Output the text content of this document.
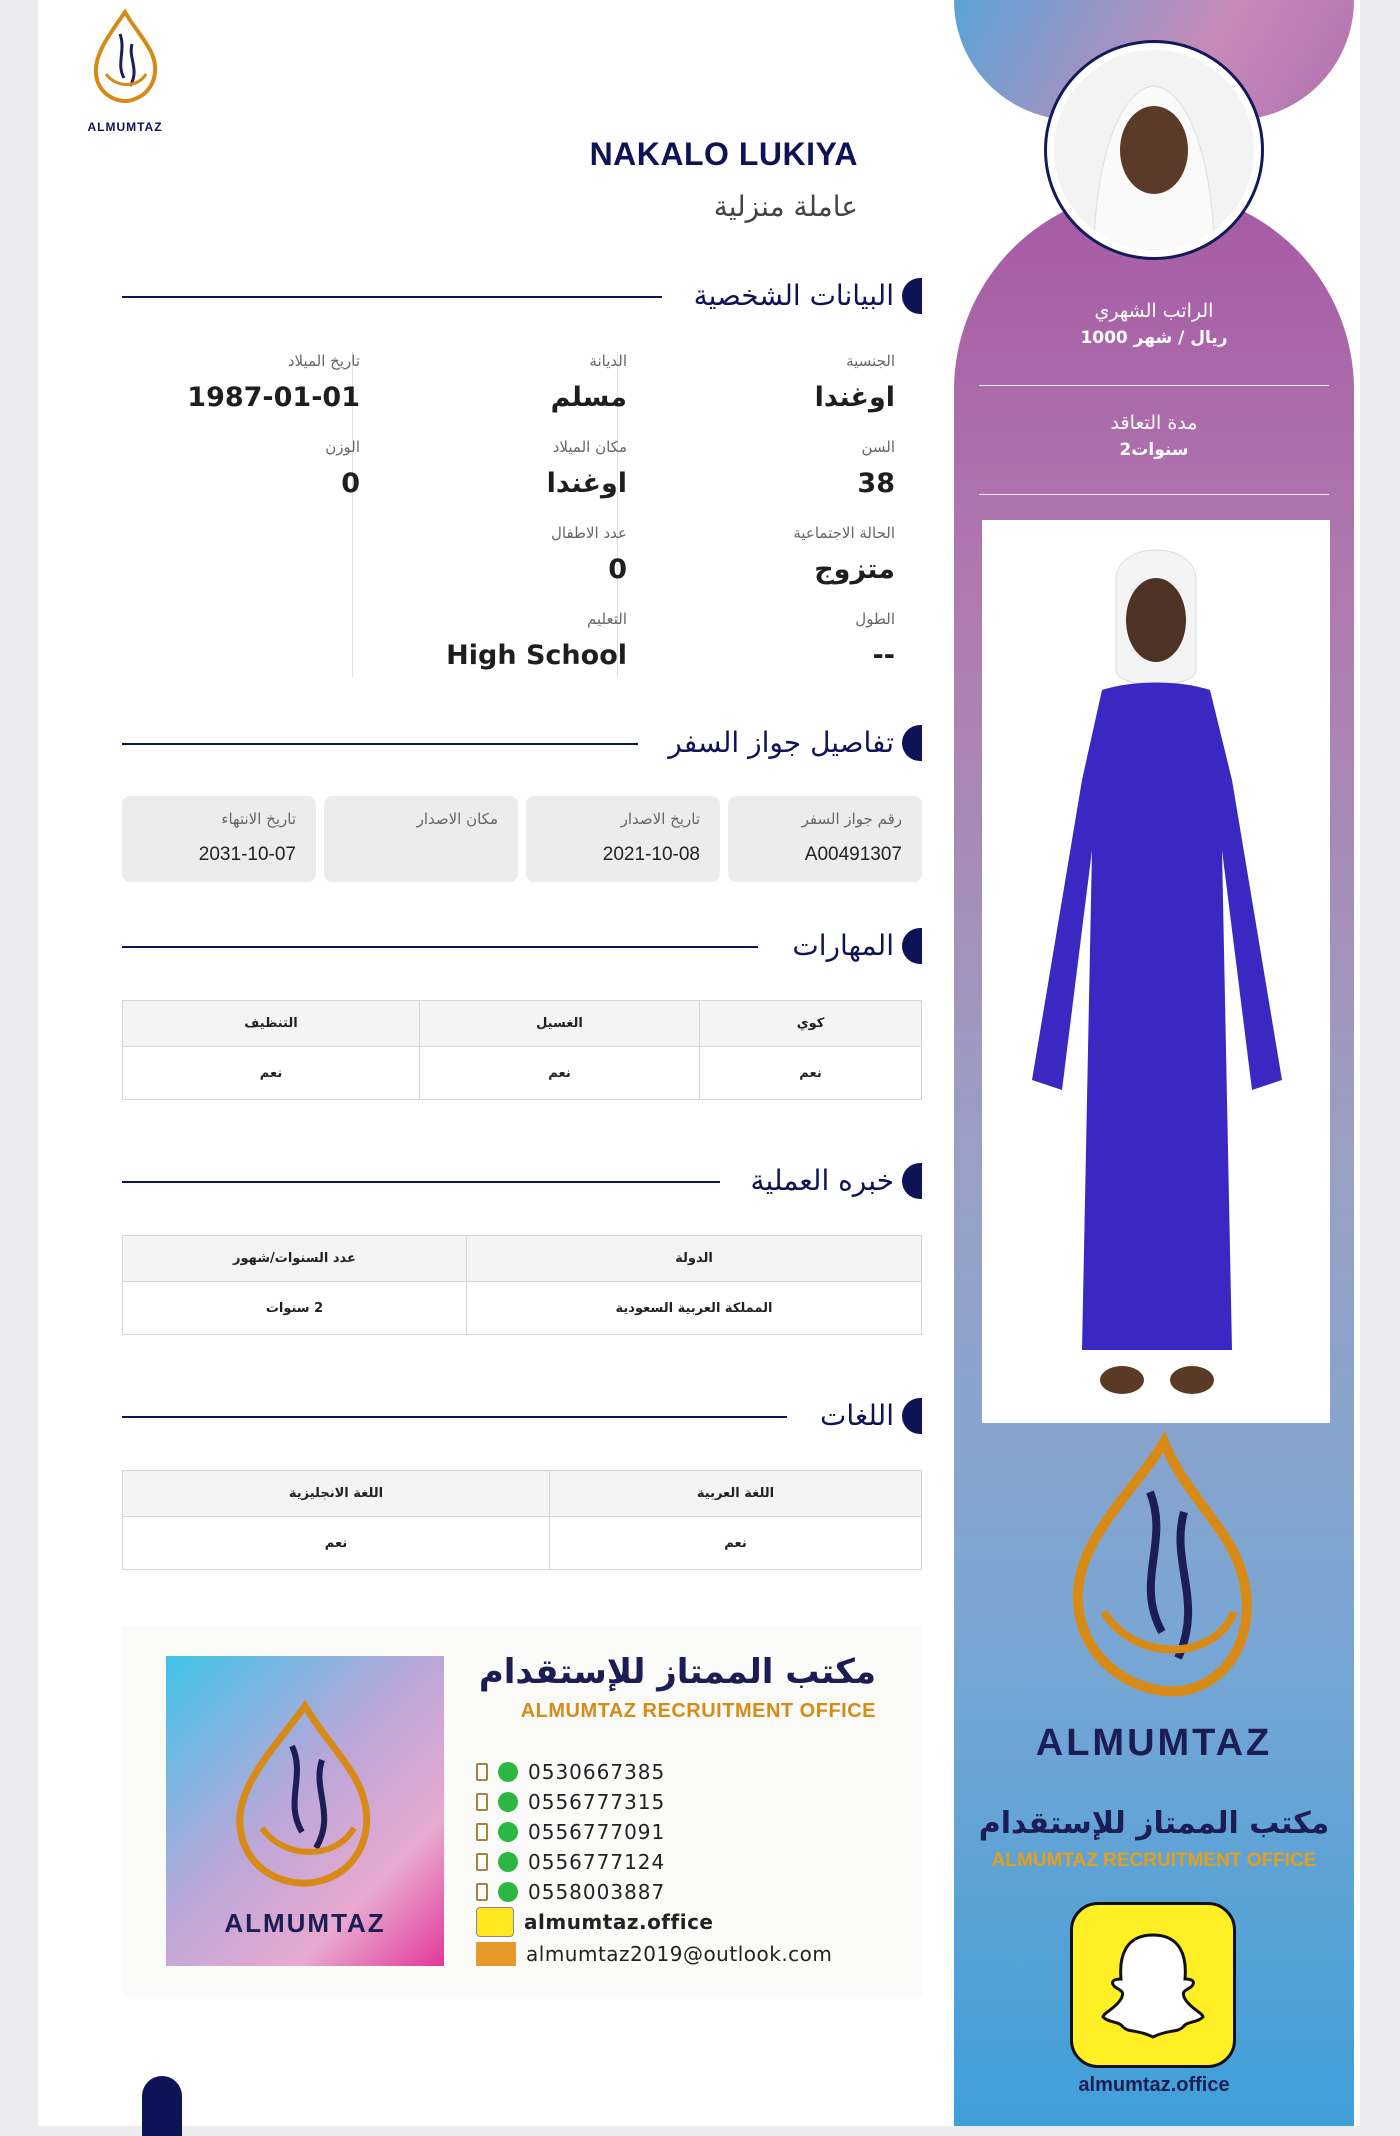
ALMUMTAZ
NAKALO LUKIYA
عاملة منزلية
البيانات الشخصية
الجنسية
اوغندا
السن
38
الحالة الاجتماعية
متزوج
الطول
--
الديانة
مسلم
مكان الميلاد
اوغندا
عدد الاطفال
0
التعليم
High School
تاريخ الميلاد
1987-01-01
الوزن
0
تفاصيل جواز السفر
رقم جواز السفر
A00491307
تاريخ الاصدار
2021-10-08
مكان الاصدار
تاريخ الانتهاء
2031-10-07
المهارات
كوي	الغسيل	التنظيف
نعم	نعم	نعم
خبره العملية
الدولة	عدد السنوات/شهور
المملكة العربية السعودية	2 سنوات
اللغات
اللغة العربية	اللغة الانجليزية
نعم	نعم
ALMUMTAZ
مكتب الممتاز للإستقدام
ALMUMTAZ RECRUITMENT OFFICE
0530667385
0556777315
0556777091
0556777124
0558003887
almumtaz.office
almumtaz2019@outlook.com
الراتب الشهري
1000 ريال / شهر
مدة التعاقد
2سنوات
ALMUMTAZ
مكتب الممتاز للإستقدام
ALMUMTAZ RECRUITMENT OFFICE
almumtaz.office
